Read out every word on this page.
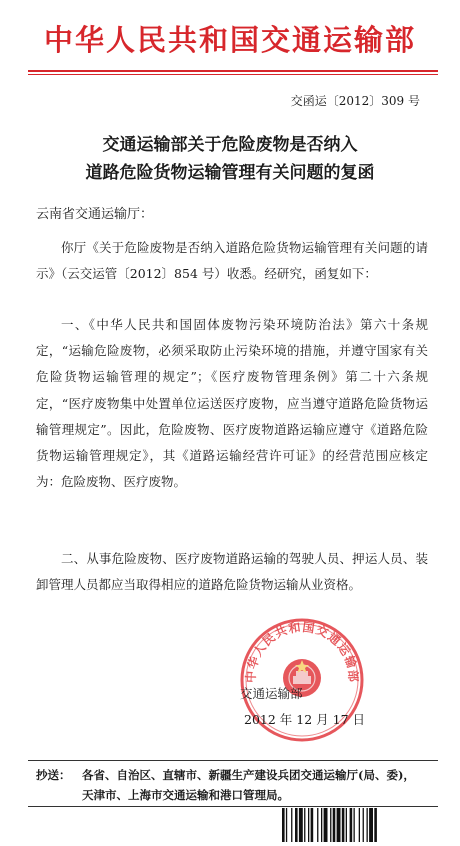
中华人民共和国交通运输部
交函运〔2012〕309 号
交通运输部关于危险废物是否纳入
道路危险货物运输管理有关问题的复函
云南省交通运输厅：

你厅《关于危险废物是否纳入道路危险货物运输管理有关问题的请示》（云交运管〔2012〕854 号）收悉。经研究，函复如下：

一、《中华人民共和国固体废物污染环境防治法》第六十条规定，“运输危险废物，必须采取防止污染环境的措施，并遵守国家有关危险货物运输管理的规定”；《医疗废物管理条例》第二十六条规定，“医疗废物集中处置单位运送医疗废物，应当遵守道路危险货物运输管理规定”。因此，危险废物、医疗废物道路运输应遵守《道路危险货物运输管理规定》，其《道路运输经营许可证》的经营范围应核定为：危险废物、医疗废物。

二、从事危险废物、医疗废物道路运输的驾驶人员、押运人员、装卸管理人员都应当取得相应的道路危险货物运输从业资格。

中华人民共和国交通运输部
交通运输部
2012 年 12 月 17 日
抄送： 各省、自治区、直辖市、新疆生产建设兵团交通运输厅(局、委)，
天津市、上海市交通运输和港口管理局。
